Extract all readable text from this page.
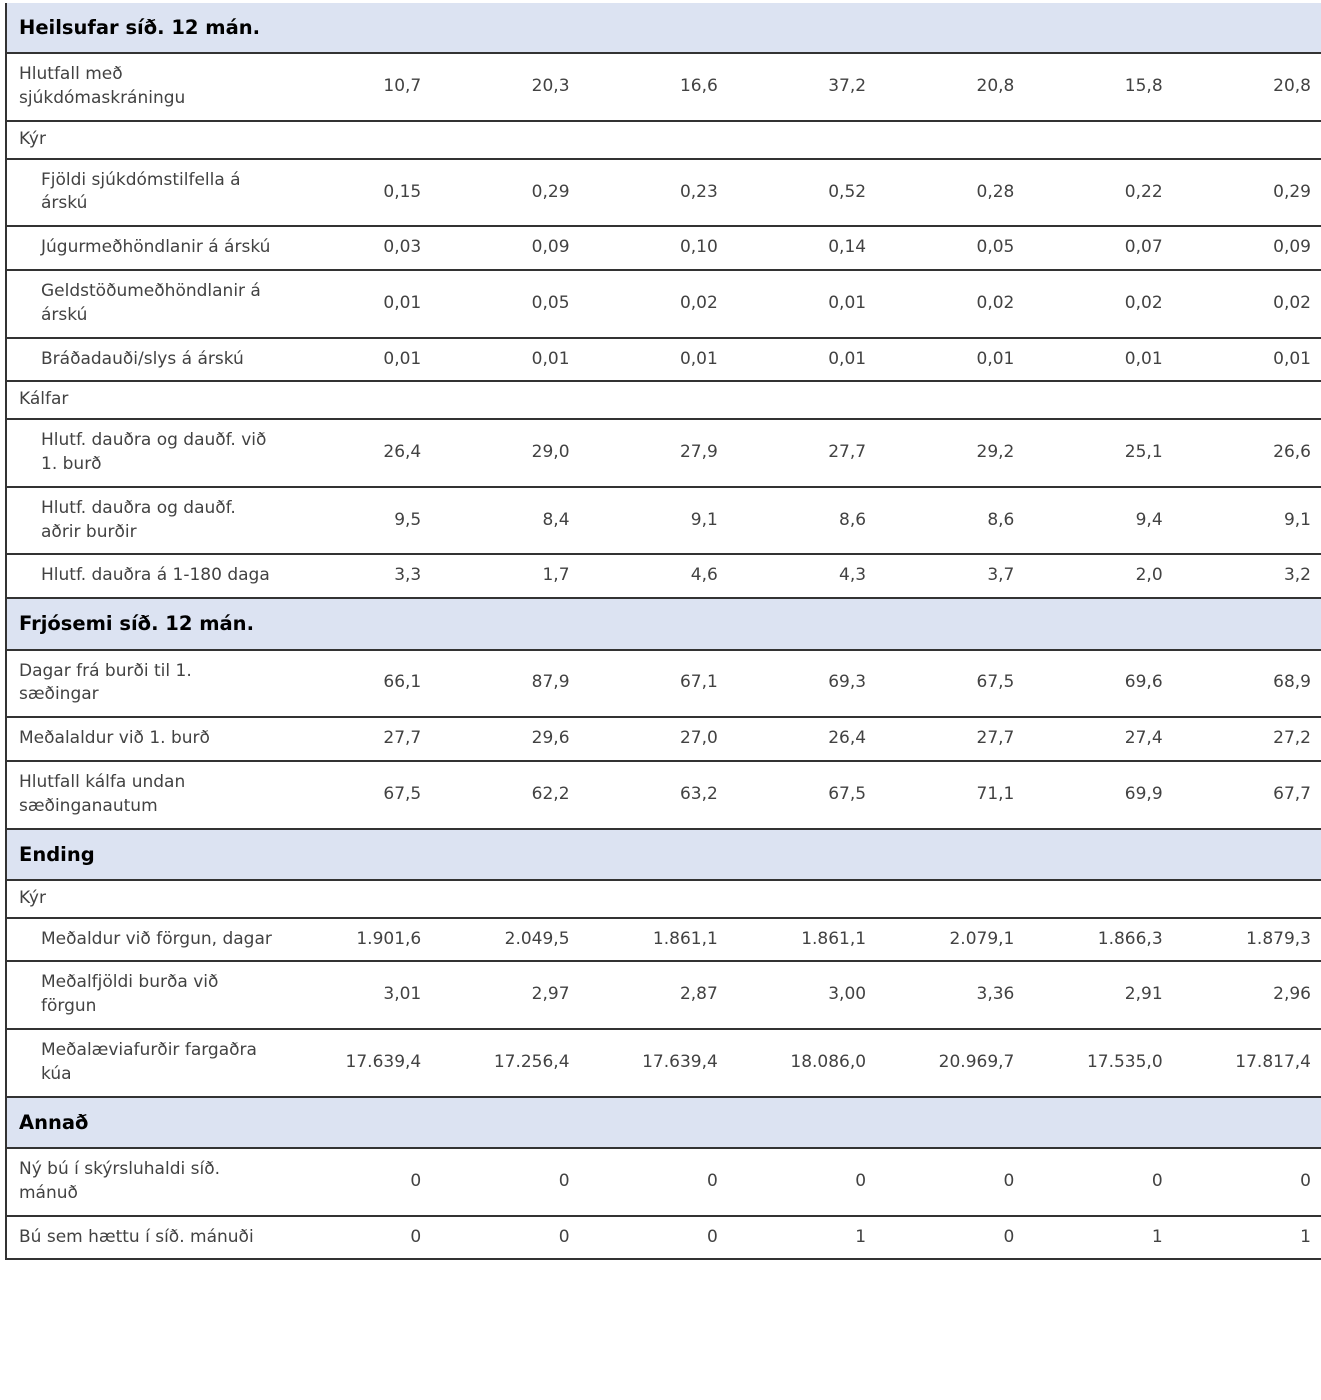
Heilsufar síð. 12 mán.							
Hlutfall með sjúkdómaskráningu	10,7	20,3	16,6	37,2	20,8	15,8	20,8
Kýr							
Fjöldi sjúkdómstilfella á árskú	0,15	0,29	0,23	0,52	0,28	0,22	0,29
Júgurmeðhöndlanir á árskú	0,03	0,09	0,10	0,14	0,05	0,07	0,09
Geldstöðumeðhöndlanir á árskú	0,01	0,05	0,02	0,01	0,02	0,02	0,02
Bráðadauði/slys á árskú	0,01	0,01	0,01	0,01	0,01	0,01	0,01
Kálfar							
Hlutf. dauðra og dauðf. við 1. burð	26,4	29,0	27,9	27,7	29,2	25,1	26,6
Hlutf. dauðra og dauðf. aðrir burðir	9,5	8,4	9,1	8,6	8,6	9,4	9,1
Hlutf. dauðra á 1-180 daga	3,3	1,7	4,6	4,3	3,7	2,0	3,2
Frjósemi síð. 12 mán.							
Dagar frá burði til 1. sæðingar	66,1	87,9	67,1	69,3	67,5	69,6	68,9
Meðalaldur við 1. burð	27,7	29,6	27,0	26,4	27,7	27,4	27,2
Hlutfall kálfa undan sæðinganautum	67,5	62,2	63,2	67,5	71,1	69,9	67,7
Ending							
Kýr							
Meðaldur við förgun, dagar	1.901,6	2.049,5	1.861,1	1.861,1	2.079,1	1.866,3	1.879,3
Meðalfjöldi burða við förgun	3,01	2,97	2,87	3,00	3,36	2,91	2,96
Meðalæviafurðir fargaðra kúa	17.639,4	17.256,4	17.639,4	18.086,0	20.969,7	17.535,0	17.817,4
Annað							
Ný bú í skýrsluhaldi síð. mánuð	0	0	0	0	0	0	0
Bú sem hættu í síð. mánuði	0	0	0	1	0	1	1
